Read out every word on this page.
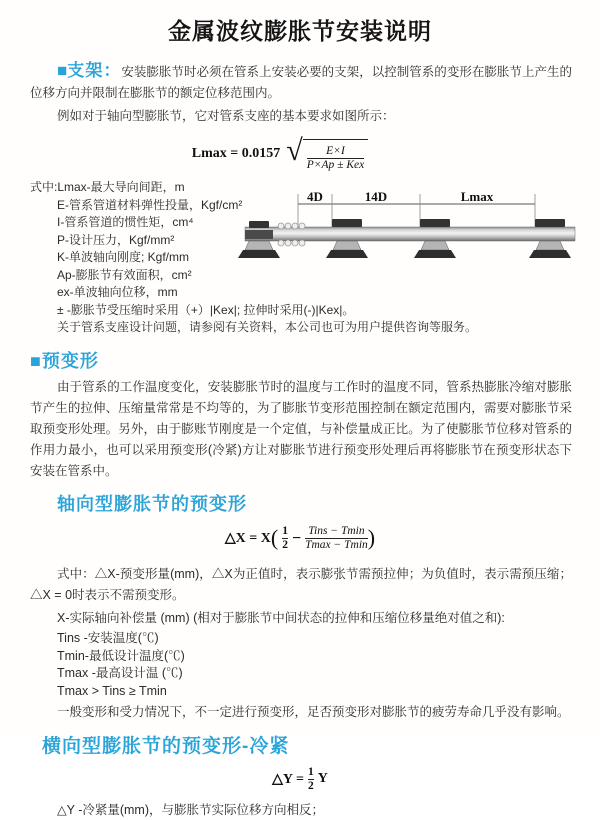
金属波纹膨胀节安装说明

■支架：安装膨胀节时必须在管系上安装必要的支架，以控制管系的变形在膨胀节上产生的位移方向并限制在膨胀节的额定位移范围内。

例如对于轴向型膨胀节，它对管系支座的基本要求如图所示：

Lmax = 0.0157 √ $\frac{E\times I}{\text{P×Ap ± Kex}}$
式中:Lmax-最大导向间距，m
E-管系管道材料弹性投量，Kgf/cm²
I-管系管道的惯性矩，cm⁴
P-设计压力，Kgf/mm²
K-单波轴向刚度; Kgf/mm
Ap-膨胀节有效面积，cm²
ex-单波轴向位移，mm
± -膨胀节受压缩时采用（+）|Kex|; 拉伸时采用(-)|Kex|。
关于管系支座设计问题，请参阅有关资料，本公司也可为用户提供咨询等服务。
4D	14D	Lmax
■预变形

由于管系的工作温度变化，安装膨胀节时的温度与工作时的温度不同，管系热膨胀冷缩对膨胀节产生的拉伸、压缩量常常是不均等的，为了膨胀节变形范围控制在额定范围内，需要对膨胀节采取预变形处理。另外，由于膨账节刚度是一个定值，与补偿量成正比。为了使膨胀节位移对管系的作用力最小，也可以采用预变形(冷紧)方让对膨胀节进行预变形处理后再将膨胀节在预变形状态下安装在管系中。

轴向型膨胀节的预变形
△X = X ( $\frac{1}{2} - \frac{\text{Tins − Tmin}}{Tmax - Tmin}$ )

式中：△X-预变形量(mm)，△X为正值时，表示膨张节需预拉伸；为负值时，表示需预压缩；△X = 0时表示不需预变形。

X-实际轴向补偿量 (mm) (相对于膨胀节中间状态的拉伸和压缩位移量绝对值之和):

Tins -安装温度(℃)

Tmin-最低设计温度(℃)

Tmax -最高设计温 (℃)

Tmax > Tins ≥ Tmin

一般变形和受力情况下，不一定进行预变形，足否预变形对膨胀节的疲劳寿命几乎没有影响。

横向型膨胀节的预变形-冷紧
△Y = $\frac{1}{2}$ Y

△Y -冷紧量(mm)，与膨胀节实际位移方向相反；
